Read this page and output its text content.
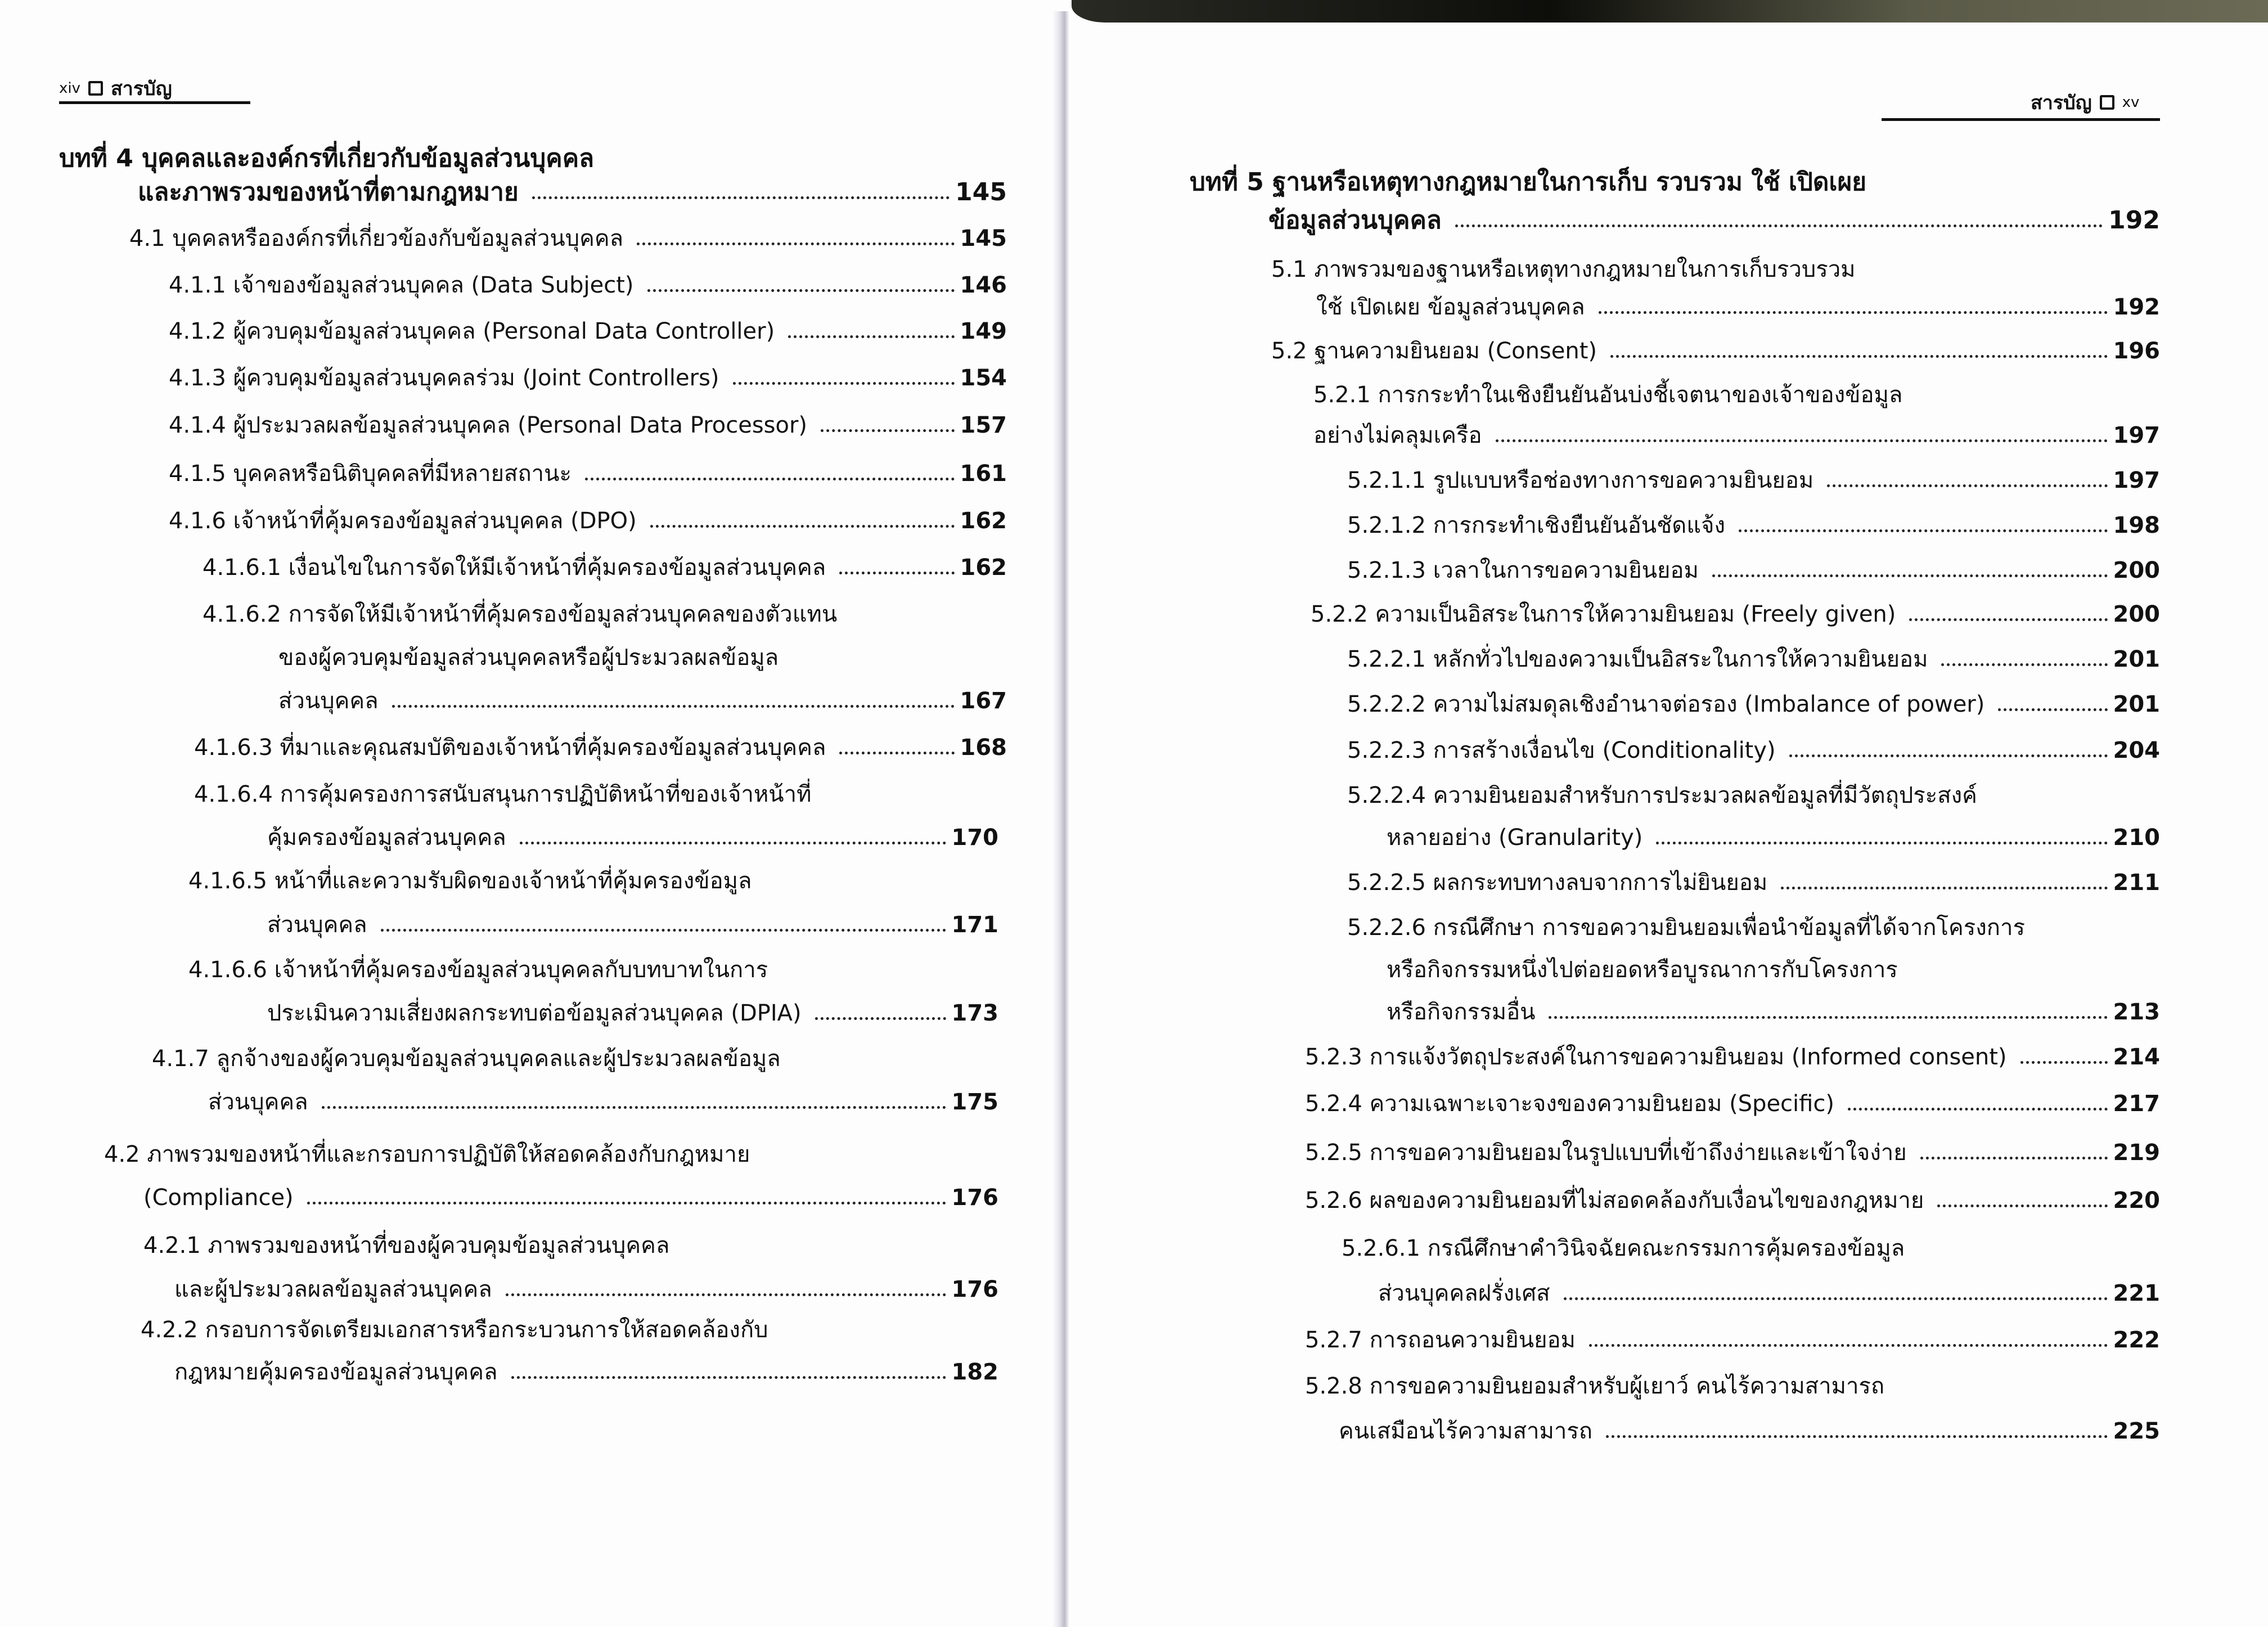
xiv สารบัญ
สารบัญ xv
บทที่ 4 บุคคลและองค์กรที่เกี่ยวกับข้อมูลส่วนบุคคล
และภาพรวมของหน้าที่ตามกฎหมาย	145
4.1 บุคคลหรือองค์กรที่เกี่ยวข้องกับข้อมูลส่วนบุคคล	145
4.1.1 เจ้าของข้อมูลส่วนบุคคล (Data Subject)	146
4.1.2 ผู้ควบคุมข้อมูลส่วนบุคคล (Personal Data Controller)	149
4.1.3 ผู้ควบคุมข้อมูลส่วนบุคคลร่วม (Joint Controllers)	154
4.1.4 ผู้ประมวลผลข้อมูลส่วนบุคคล (Personal Data Processor)	157
4.1.5 บุคคลหรือนิติบุคคลที่มีหลายสถานะ	161
4.1.6 เจ้าหน้าที่คุ้มครองข้อมูลส่วนบุคคล (DPO)	162
4.1.6.1 เงื่อนไขในการจัดให้มีเจ้าหน้าที่คุ้มครองข้อมูลส่วนบุคคล	162
4.1.6.2 การจัดให้มีเจ้าหน้าที่คุ้มครองข้อมูลส่วนบุคคลของตัวแทน
ของผู้ควบคุมข้อมูลส่วนบุคคลหรือผู้ประมวลผลข้อมูล
ส่วนบุคคล	167
4.1.6.3 ที่มาและคุณสมบัติของเจ้าหน้าที่คุ้มครองข้อมูลส่วนบุคคล	168
4.1.6.4 การคุ้มครองการสนับสนุนการปฏิบัติหน้าที่ของเจ้าหน้าที่
คุ้มครองข้อมูลส่วนบุคคล	170
4.1.6.5 หน้าที่และความรับผิดของเจ้าหน้าที่คุ้มครองข้อมูล
ส่วนบุคคล	171
4.1.6.6 เจ้าหน้าที่คุ้มครองข้อมูลส่วนบุคคลกับบทบาทในการ
ประเมินความเสี่ยงผลกระทบต่อข้อมูลส่วนบุคคล (DPIA)	173
4.1.7 ลูกจ้างของผู้ควบคุมข้อมูลส่วนบุคคลและผู้ประมวลผลข้อมูล
ส่วนบุคคล	175
4.2 ภาพรวมของหน้าที่และกรอบการปฏิบัติให้สอดคล้องกับกฎหมาย
(Compliance)	176
4.2.1 ภาพรวมของหน้าที่ของผู้ควบคุมข้อมูลส่วนบุคคล
และผู้ประมวลผลข้อมูลส่วนบุคคล	176
4.2.2 กรอบการจัดเตรียมเอกสารหรือกระบวนการให้สอดคล้องกับ
กฎหมายคุ้มครองข้อมูลส่วนบุคคล	182
บทที่ 5 ฐานหรือเหตุทางกฎหมายในการเก็บ รวบรวม ใช้ เปิดเผย
ข้อมูลส่วนบุคคล	192
5.1 ภาพรวมของฐานหรือเหตุทางกฎหมายในการเก็บรวบรวม
ใช้ เปิดเผย ข้อมูลส่วนบุคคล	192
5.2 ฐานความยินยอม (Consent)	196
5.2.1 การกระทำในเชิงยืนยันอันบ่งชี้เจตนาของเจ้าของข้อมูล
อย่างไม่คลุมเครือ	197
5.2.1.1 รูปแบบหรือช่องทางการขอความยินยอม	197
5.2.1.2 การกระทำเชิงยืนยันอันชัดแจ้ง	198
5.2.1.3 เวลาในการขอความยินยอม	200
5.2.2 ความเป็นอิสระในการให้ความยินยอม (Freely given)	200
5.2.2.1 หลักทั่วไปของความเป็นอิสระในการให้ความยินยอม	201
5.2.2.2 ความไม่สมดุลเชิงอำนาจต่อรอง (Imbalance of power)	201
5.2.2.3 การสร้างเงื่อนไข (Conditionality)	204
5.2.2.4 ความยินยอมสำหรับการประมวลผลข้อมูลที่มีวัตถุประสงค์
หลายอย่าง (Granularity)	210
5.2.2.5 ผลกระทบทางลบจากการไม่ยินยอม	211
5.2.2.6 กรณีศึกษา การขอความยินยอมเพื่อนำข้อมูลที่ได้จากโครงการ
หรือกิจกรรมหนึ่งไปต่อยอดหรือบูรณาการกับโครงการ
หรือกิจกรรมอื่น	213
5.2.3 การแจ้งวัตถุประสงค์ในการขอความยินยอม (Informed consent)	214
5.2.4 ความเฉพาะเจาะจงของความยินยอม (Specific)	217
5.2.5 การขอความยินยอมในรูปแบบที่เข้าถึงง่ายและเข้าใจง่าย	219
5.2.6 ผลของความยินยอมที่ไม่สอดคล้องกับเงื่อนไขของกฎหมาย	220
5.2.6.1 กรณีศึกษาคำวินิจฉัยคณะกรรมการคุ้มครองข้อมูล
ส่วนบุคคลฝรั่งเศส	221
5.2.7 การถอนความยินยอม	222
5.2.8 การขอความยินยอมสำหรับผู้เยาว์ คนไร้ความสามารถ
คนเสมือนไร้ความสามารถ	225
